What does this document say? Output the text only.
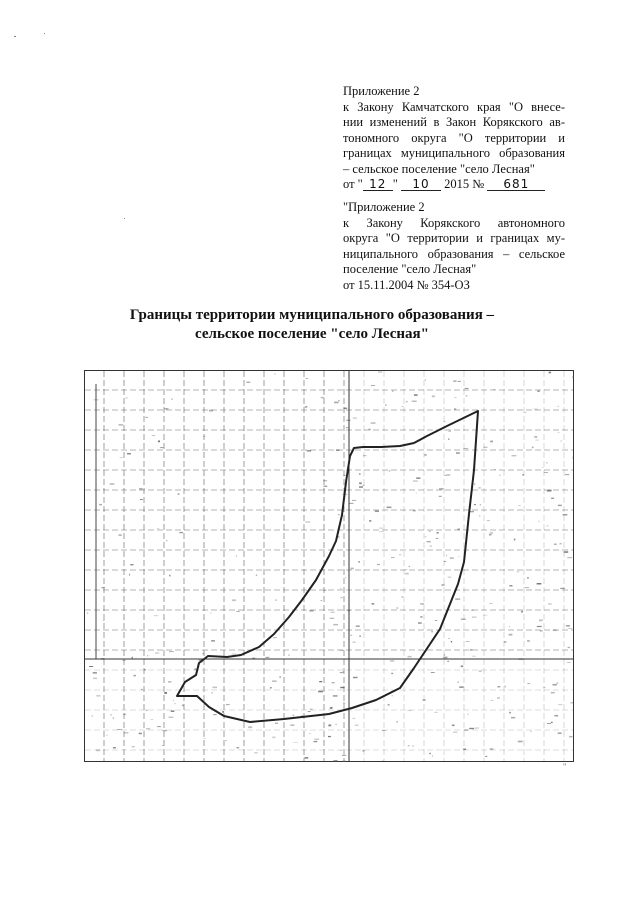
Приложение 2
к Закону Камчатского края "О внесе-
нии изменений в Закон Корякского ав-
тономного округа "О территории и
границах муниципального образования
– сельское поселение "село Лесная"
от " 12 " 10 2015 № 681
"Приложение 2
к Закону Корякского автономного
округа "О территории и границах му-
ниципального образования – сельское
поселение "село Лесная"
от 15.11.2004 № 354-ОЗ
Границы территории муниципального образования –
сельское поселение "село Лесная"
"
